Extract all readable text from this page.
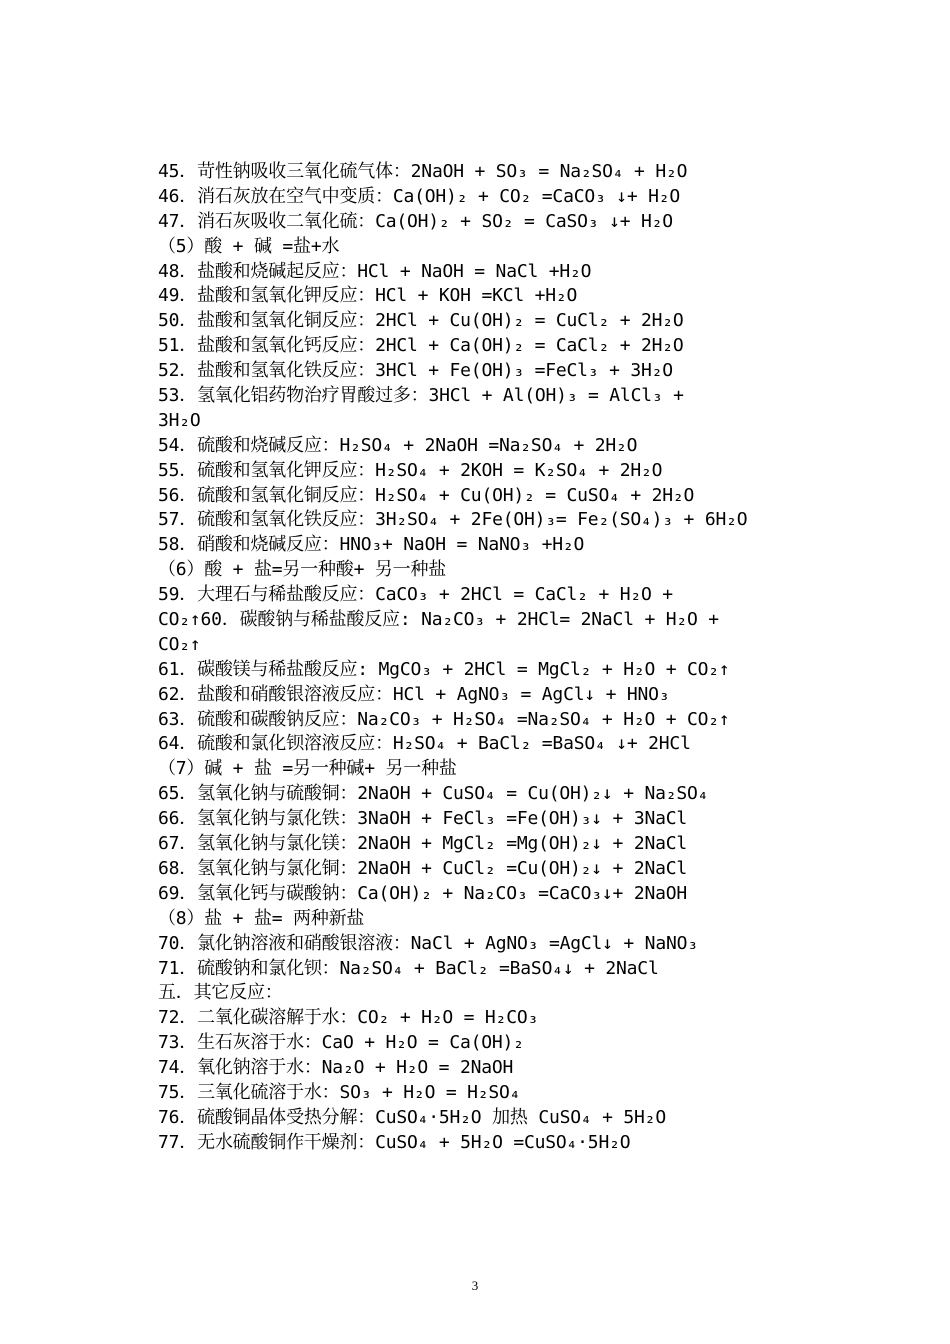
45．苛性钠吸收三氧化硫气体：2NaOH + SO₃ = Na₂SO₄ + H₂O
46．消石灰放在空气中变质：Ca(OH)₂ + CO₂ =CaCO₃ ↓+ H₂O
47．消石灰吸收二氧化硫：Ca(OH)₂ + SO₂ = CaSO₃ ↓+ H₂O
（5）酸 + 碱 =盐+水
48．盐酸和烧碱起反应：HCl + NaOH = NaCl +H₂O
49．盐酸和氢氧化钾反应：HCl + KOH =KCl +H₂O
50．盐酸和氢氧化铜反应：2HCl + Cu(OH)₂ = CuCl₂ + 2H₂O
51．盐酸和氢氧化钙反应：2HCl + Ca(OH)₂ = CaCl₂ + 2H₂O
52．盐酸和氢氧化铁反应：3HCl + Fe(OH)₃ =FeCl₃ + 3H₂O
53．氢氧化铝药物治疗胃酸过多：3HCl + Al(OH)₃ = AlCl₃ +
3H₂O
54．硫酸和烧碱反应：H₂SO₄ + 2NaOH =Na₂SO₄ + 2H₂O
55．硫酸和氢氧化钾反应：H₂SO₄ + 2KOH = K₂SO₄ + 2H₂O
56．硫酸和氢氧化铜反应：H₂SO₄ + Cu(OH)₂ = CuSO₄ + 2H₂O
57．硫酸和氢氧化铁反应：3H₂SO₄ + 2Fe(OH)₃= Fe₂(SO₄)₃ + 6H₂O
58．硝酸和烧碱反应：HNO₃+ NaOH = NaNO₃ +H₂O
（6）酸 + 盐=另一种酸+ 另一种盐
59．大理石与稀盐酸反应：CaCO₃ + 2HCl = CaCl₂ + H₂O +
CO₂↑60．碳酸钠与稀盐酸反应: Na₂CO₃ + 2HCl= 2NaCl + H₂O +
CO₂↑
61．碳酸镁与稀盐酸反应: MgCO₃ + 2HCl = MgCl₂ + H₂O + CO₂↑
62．盐酸和硝酸银溶液反应：HCl + AgNO₃ = AgCl↓ + HNO₃
63．硫酸和碳酸钠反应：Na₂CO₃ + H₂SO₄ =Na₂SO₄ + H₂O + CO₂↑
64．硫酸和氯化钡溶液反应：H₂SO₄ + BaCl₂ =BaSO₄ ↓+ 2HCl
（7）碱 + 盐 =另一种碱+ 另一种盐
65．氢氧化钠与硫酸铜：2NaOH + CuSO₄ = Cu(OH)₂↓ + Na₂SO₄
66．氢氧化钠与氯化铁：3NaOH + FeCl₃ =Fe(OH)₃↓ + 3NaCl
67．氢氧化钠与氯化镁：2NaOH + MgCl₂ =Mg(OH)₂↓ + 2NaCl
68．氢氧化钠与氯化铜：2NaOH + CuCl₂ =Cu(OH)₂↓ + 2NaCl
69．氢氧化钙与碳酸钠：Ca(OH)₂ + Na₂CO₃ =CaCO₃↓+ 2NaOH
（8）盐 + 盐= 两种新盐
70．氯化钠溶液和硝酸银溶液：NaCl + AgNO₃ =AgCl↓ + NaNO₃
71．硫酸钠和氯化钡：Na₂SO₄ + BaCl₂ =BaSO₄↓ + 2NaCl
五．其它反应：
72．二氧化碳溶解于水：CO₂ + H₂O = H₂CO₃
73．生石灰溶于水：CaO + H₂O = Ca(OH)₂
74．氧化钠溶于水：Na₂O + H₂O = 2NaOH
75．三氧化硫溶于水：SO₃ + H₂O = H₂SO₄
76．硫酸铜晶体受热分解：CuSO₄·5H₂O 加热 CuSO₄ + 5H₂O
77．无水硫酸铜作干燥剂：CuSO₄ + 5H₂O =CuSO₄·5H₂O
3
